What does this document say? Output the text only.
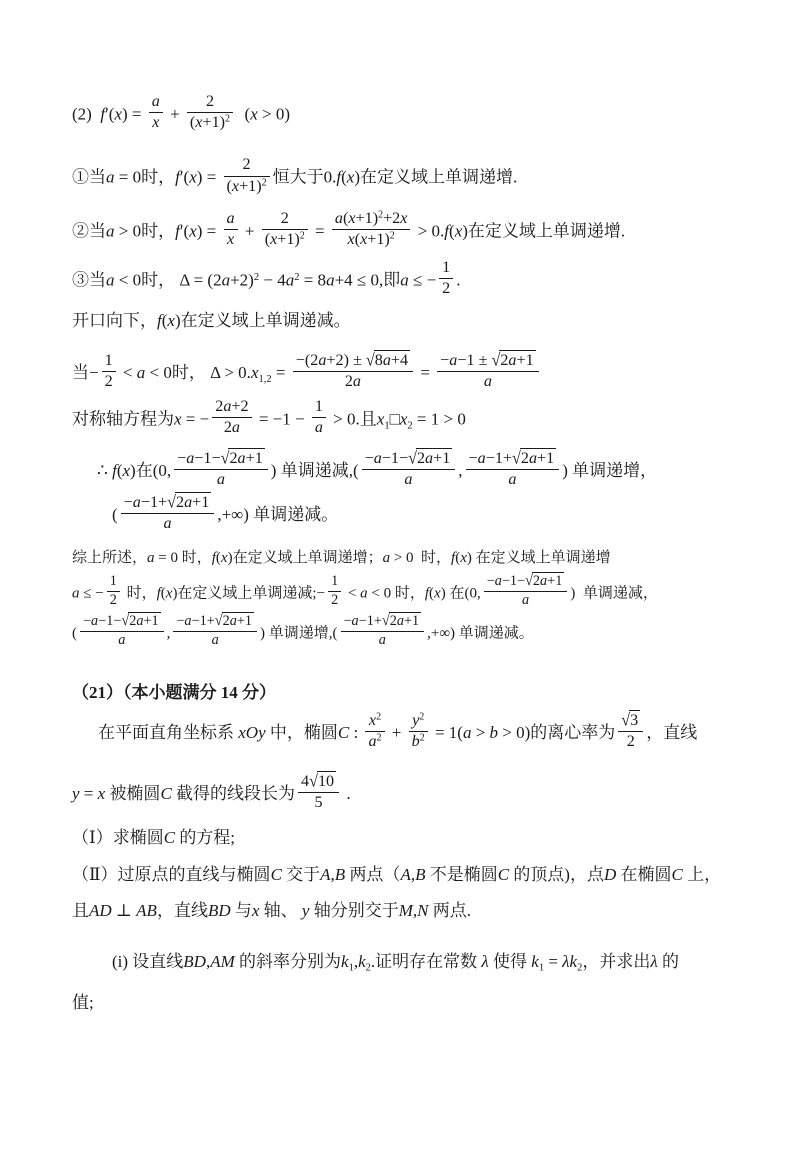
(2)  $f'(x) = \frac{a}{x} + \frac{2}{(x+1)^2} (x > 0)$
①当a = 0时，$f'(x) = \frac{2}{(x+1)^2}$ 恒大于0.f(x)在定义域上单调递增.
②当a > 0时，$f'(x) = \frac{a}{x} + \frac{2}{(x+1)^2} = \frac{a(x+1)^2+2x}{x(x+1)^2} > 0.f(x)$在定义域上单调递增.
③当a < 0时， $\Delta = (2a+2)^2 - 4a^2 = 8a+4 \le 0$,即a ≤ − $\frac{1}{2}$ .
开口向下，f(x)在定义域上单调递减。
当− $\frac{1}{2} < a < 0$时， $\Delta > 0.x_{1,2} = \frac{-(2a+2) \pm √8a+4}{2a} = \frac{-a-1 \pm √2a+1}{a}$
对称轴方程为x = − $\frac{2a+2}{2a} = -1 - \frac{1}{a} > 0$.且$x_1□x_2 = 1 > 0$
∴ f(x)在(0, $\frac{-a-1-√2a+1}{a}$ ) 单调递减,( $\frac{-a-1-√2a+1}{a}$ , $\frac{-a-1+√2a+1}{a}$ ) 单调递增，
( $\frac{-a-1+√2a+1}{a}$ ,+∞) 单调递减。
综上所述，a = 0 时，f(x)在定义域上单调递增；a > 0  时，f(x) 在定义域上单调递增
a ≤ − $\frac{1}{2}$ 时，f(x)在定义域上单调递减;− $\frac{1}{2} < a < 0$ 时，f(x) 在(0, $\frac{-a-1-√2a+1}{a}$ )  单调递减，
( $\frac{-a-1-√2a+1}{a}$ , $\frac{-a-1+√2a+1}{a}$ ) 单调递增,( $\frac{-a-1+√2a+1}{a}$ ,+∞) 单调递减。
（21）（本小题满分 14 分）
在平面直角坐标系 xOy 中，椭圆C : $\frac{x^2}{a^2} + \frac{y^2}{b^2} = 1(a > b > 0)$的离心率为 $\frac{√3}{2}$ ，直线
y = x 被椭圆C 截得的线段长为 $\frac{4√10}{5}$ .
（Ⅰ）求椭圆C 的方程;
（Ⅱ）过原点的直线与椭圆C 交于A,B 两点（A,B 不是椭圆C 的顶点)，点D 在椭圆C 上，
且AD ⊥ AB，直线BD 与x 轴、 y 轴分别交于M,N 两点.
(i) 设直线BD,AM 的斜率分别为$k_1,k_2$.证明存在常数 λ 使得 $k_1 = \lambda k_2$，并求出λ 的
值;
